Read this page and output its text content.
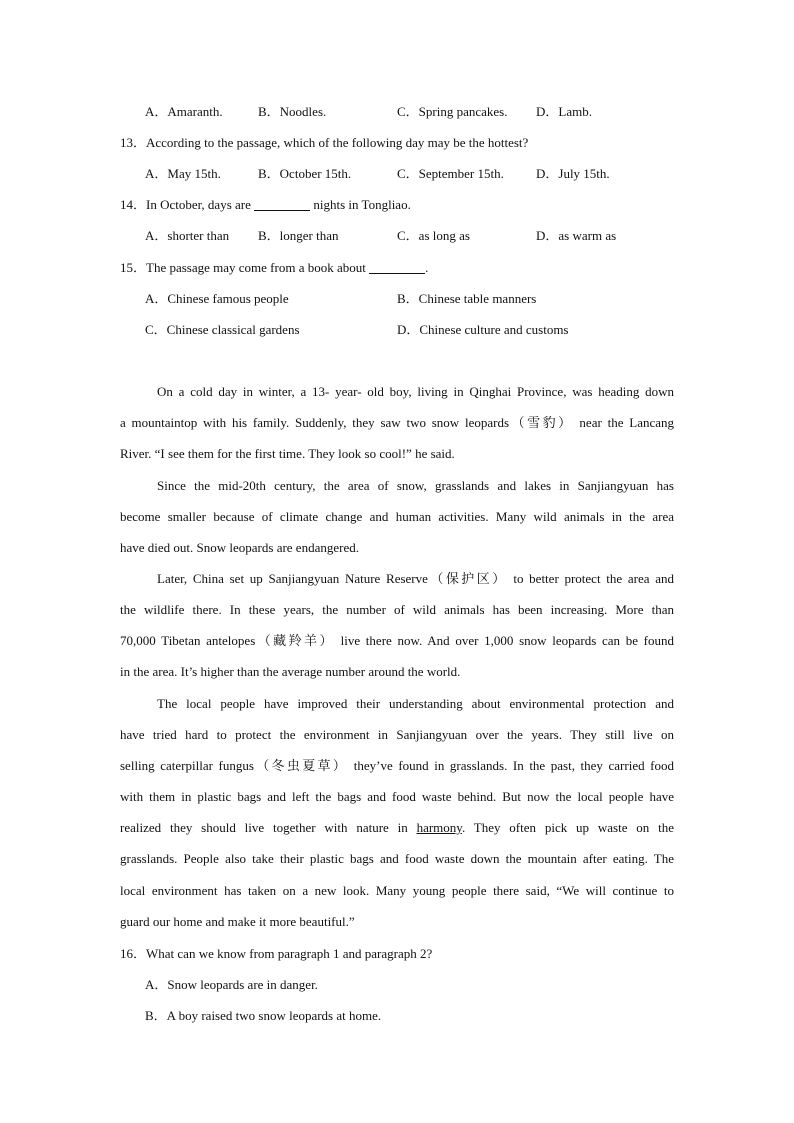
A．Amaranth.	B．Noodles.	C．Spring pancakes. D．Lamb.
13．According to the passage, which of the following day may be the hottest?
A．May 15th.	B．October 15th.	C．September 15th. D．July 15th.
14．In October, days are	nights in Tongliao.
A．shorter than B．longer than	C．as long as	D．as warm as
15．The passage may come from a book about	.
A．Chinese famous people	B．Chinese table manners
C．Chinese classical gardens	D．Chinese culture and customs
On a cold day in winter, a 13- year- old boy, living in Qinghai Province, was heading down
a mountaintop with his family. Suddenly, they saw two snow leopards（雪豹） near the Lancang
River. “I see them for the first time. They look so cool!” he said.
Since the mid-20th century, the area of snow, grasslands and lakes in Sanjiangyuan has
become smaller because of climate change and human activities. Many wild animals in the area
have died out. Snow leopards are endangered.
Later, China set up Sanjiangyuan Nature Reserve（保护区） to better protect the area and
the wildlife there. In these years, the number of wild animals has been increasing. More than
70,000 Tibetan antelopes（藏羚羊） live there now. And over 1,000 snow leopards can be found
in the area. It’s higher than the average number around the world.
The local people have improved their understanding about environmental protection and
have tried hard to protect the environment in Sanjiangyuan over the years. They still live on
selling caterpillar fungus（冬虫夏草） they’ve found in grasslands. In the past, they carried food
with them in plastic bags and left the bags and food waste behind. But now the local people have
realized they should live together with nature in harmony. They often pick up waste on the
grasslands. People also take their plastic bags and food waste down the mountain after eating. The
local environment has taken on a new look. Many young people there said, “We will continue to
guard our home and make it more beautiful.”
16．What can we know from paragraph 1 and paragraph 2?
A．Snow leopards are in danger.
B．A boy raised two snow leopards at home.
